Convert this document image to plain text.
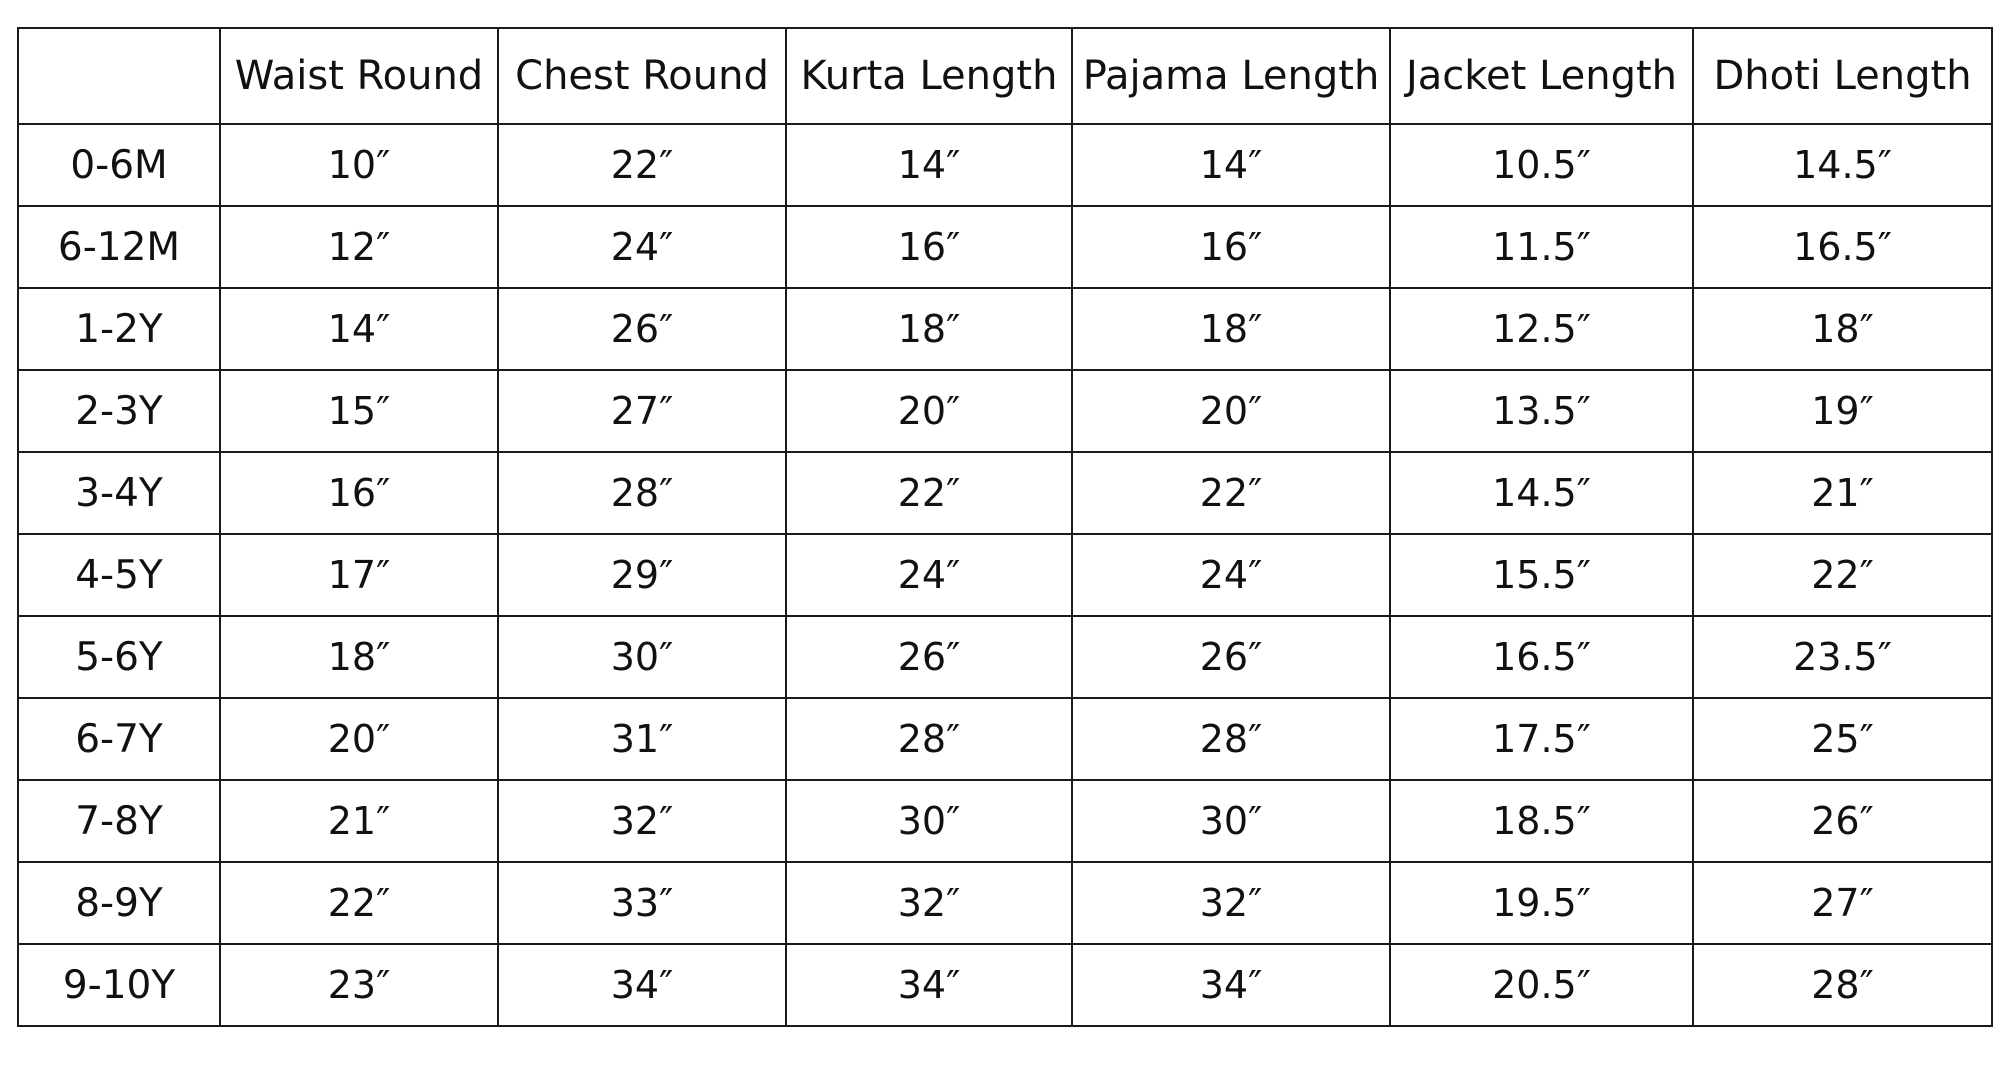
	Waist Round	Chest Round	Kurta Length	Pajama Length	Jacket Length	Dhoti Length
0-6M	10″	22″	14″	14″	10.5″	14.5″
6-12M	12″	24″	16″	16″	11.5″	16.5″
1-2Y	14″	26″	18″	18″	12.5″	18″
2-3Y	15″	27″	20″	20″	13.5″	19″
3-4Y	16″	28″	22″	22″	14.5″	21″
4-5Y	17″	29″	24″	24″	15.5″	22″
5-6Y	18″	30″	26″	26″	16.5″	23.5″
6-7Y	20″	31″	28″	28″	17.5″	25″
7-8Y	21″	32″	30″	30″	18.5″	26″
8-9Y	22″	33″	32″	32″	19.5″	27″
9-10Y	23″	34″	34″	34″	20.5″	28″
